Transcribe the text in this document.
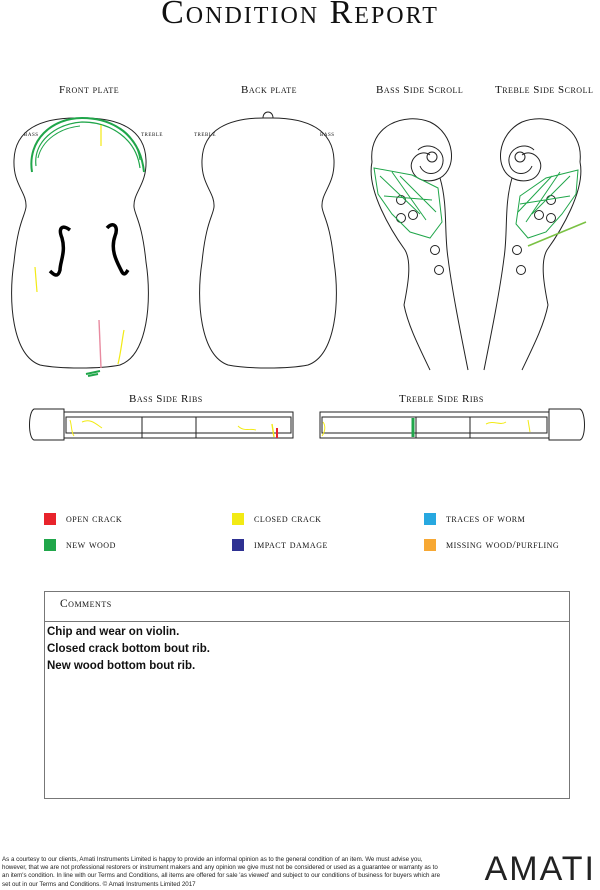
Condition Report
Front plate	Back plate	Bass Side Scroll	Treble Side Scroll
Bass Side Ribs	Treble Side Ribs
bass	treble	treble	bass
open crack	closed crack	traces of worm
new wood	impact damage	missing wood/purfling
Comments
Chip and wear on violin.
Closed crack bottom bout rib.
New wood bottom bout rib.
As a courtesy to our clients, Amati Instruments Limited is happy to provide an informal opinion as to the general condition of an item. We must advise you, however, that we are not professional restorers or instrument makers and any opinion we give must not be considered or used as a guarantee or warranty as to an item's condition. In line with our Terms and Conditions, all items are offered for sale 'as viewed' and subject to our conditions of business for buyers which are set out in our Terms and Conditions. © Amati Instruments Limited 2017	AMATI
